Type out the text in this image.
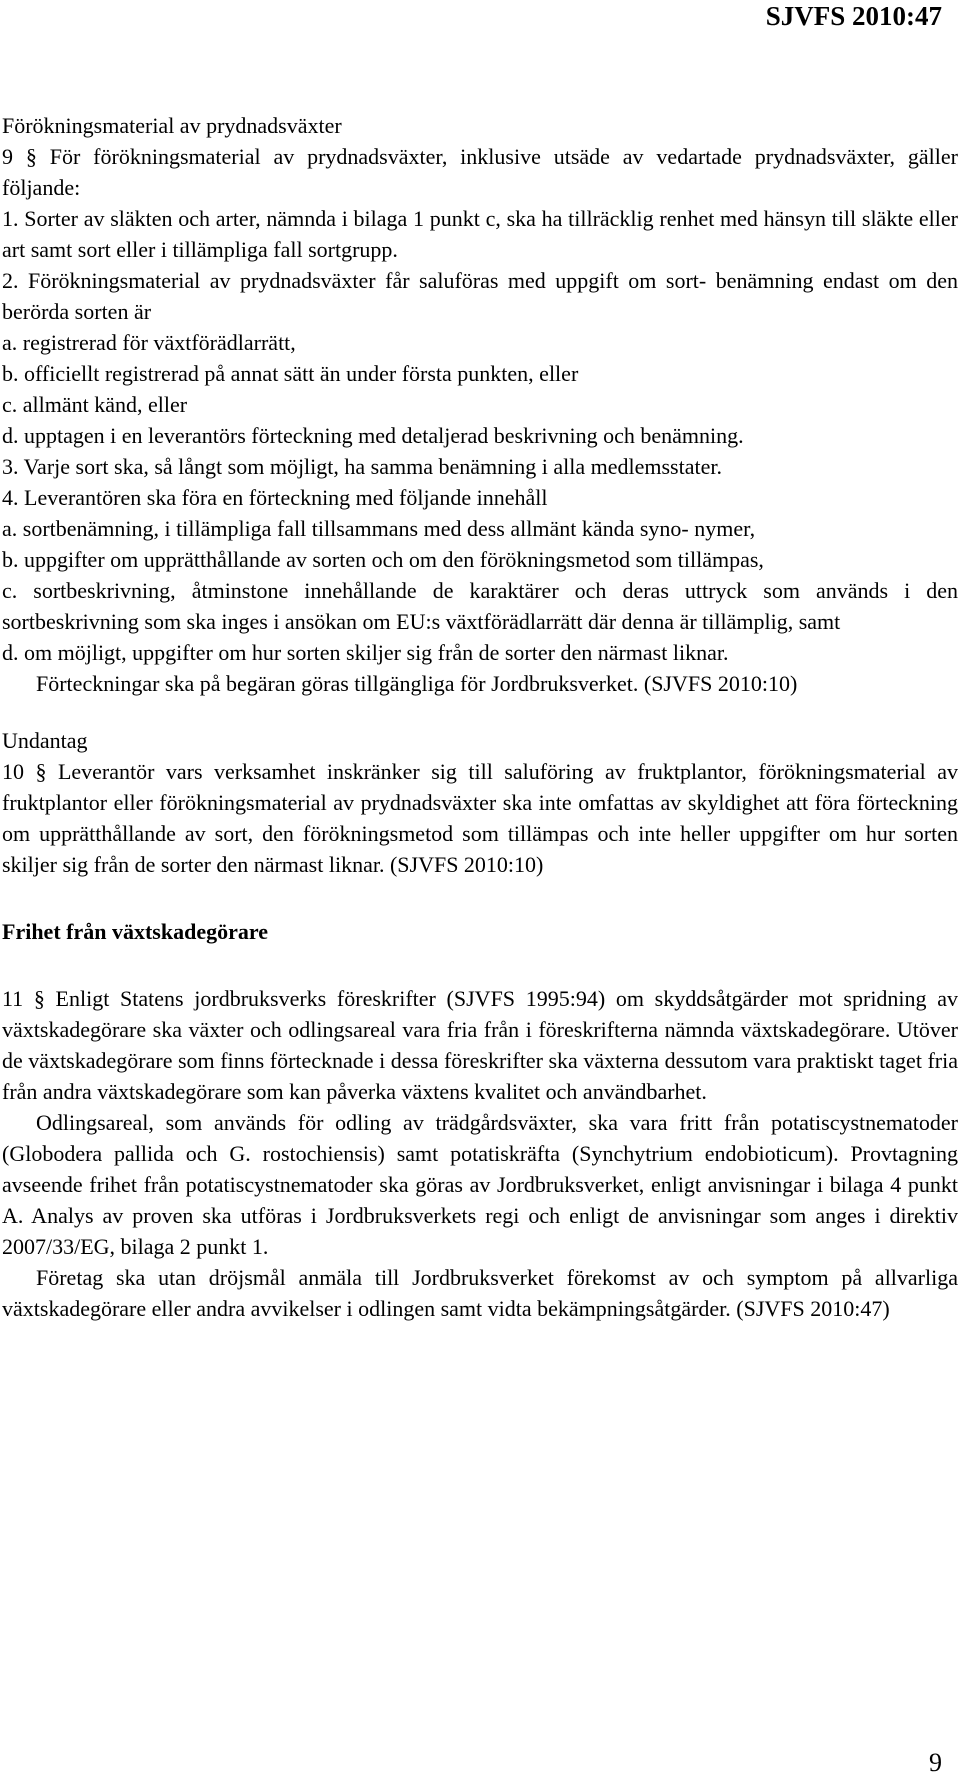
SJVFS 2010:47

Förökningsmaterial av prydnadsväxter

9 § För förökningsmaterial av prydnadsväxter, inklusive utsäde av vedartade prydnadsväxter, gäller följande:

1. Sorter av släkten och arter, nämnda i bilaga 1 punkt c, ska ha tillräcklig renhet med hänsyn till släkte eller art samt sort eller i tillämpliga fall sortgrupp.

2. Förökningsmaterial av prydnadsväxter får saluföras med uppgift om sort- benämning endast om den berörda sorten är

a. registrerad för växtförädlarrätt,

b. officiellt registrerad på annat sätt än under första punkten, eller

c. allmänt känd, eller

d. upptagen i en leverantörs förteckning med detaljerad beskrivning och benämning.

3. Varje sort ska, så långt som möjligt, ha samma benämning i alla medlemsstater.

4. Leverantören ska föra en förteckning med följande innehåll

a. sortbenämning, i tillämpliga fall tillsammans med dess allmänt kända syno- nymer,

b. uppgifter om upprätthållande av sorten och om den förökningsmetod som tillämpas,

c. sortbeskrivning, åtminstone innehållande de karaktärer och deras uttryck som används i den sortbeskrivning som ska inges i ansökan om EU:s växtförädlarrätt där denna är tillämplig, samt

d. om möjligt, uppgifter om hur sorten skiljer sig från de sorter den närmast liknar.

Förteckningar ska på begäran göras tillgängliga för Jordbruksverket. (SJVFS 2010:10)

Undantag

10 § Leverantör vars verksamhet inskränker sig till saluföring av fruktplantor, förökningsmaterial av fruktplantor eller förökningsmaterial av prydnadsväxter ska inte omfattas av skyldighet att föra förteckning om upprätthållande av sort, den förökningsmetod som tillämpas och inte heller uppgifter om hur sorten skiljer sig från de sorter den närmast liknar. (SJVFS 2010:10)

Frihet från växtskadegörare

11 § Enligt Statens jordbruksverks föreskrifter (SJVFS 1995:94) om skyddsåtgärder mot spridning av växtskadegörare ska växter och odlingsareal vara fria från i föreskrifterna nämnda växtskadegörare. Utöver de växtskadegörare som finns förtecknade i dessa föreskrifter ska växterna dessutom vara praktiskt taget fria från andra växtskadegörare som kan påverka växtens kvalitet och användbarhet.

Odlingsareal, som används för odling av trädgårdsväxter, ska vara fritt från potatiscystnematoder (Globodera pallida och G. rostochiensis) samt potatiskräfta (Synchytrium endobioticum). Provtagning avseende frihet från potatiscystnematoder ska göras av Jordbruksverket, enligt anvisningar i bilaga 4 punkt A. Analys av proven ska utföras i Jordbruksverkets regi och enligt de anvisningar som anges i direktiv 2007/33/EG, bilaga 2 punkt 1.

Företag ska utan dröjsmål anmäla till Jordbruksverket förekomst av och symptom på allvarliga växtskadegörare eller andra avvikelser i odlingen samt vidta bekämpningsåtgärder. (SJVFS 2010:47)

9
